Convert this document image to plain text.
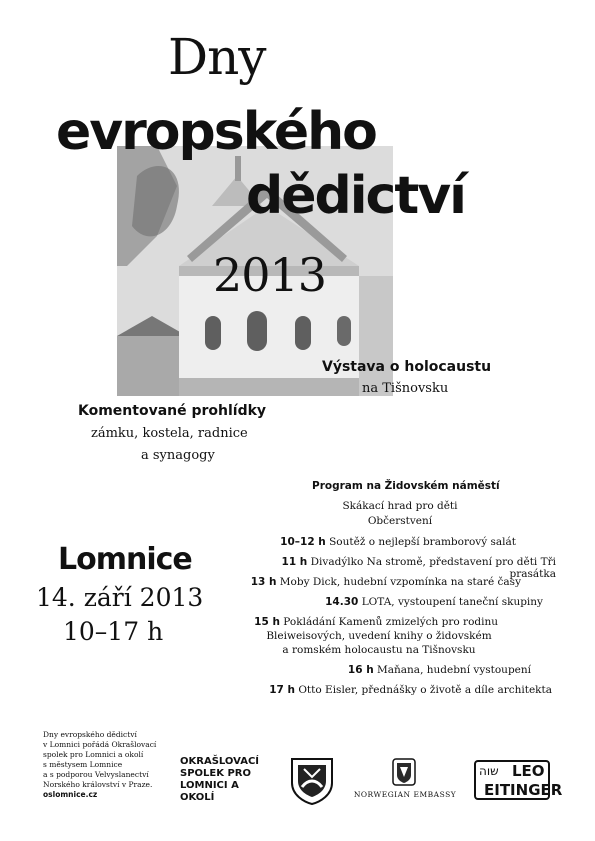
Dny
evropského
dědictví
2013
Výstava o holocaustu
na Tišnovsku
Komentované prohlídky
zámku, kostela, radnice
a synagogy
Program na Židovském náměstí
Skákací hrad pro děti
Občerstvení
10–12 h Soutěž o nejlepší bramborový salát
11 h Divadýlko Na stromě, představení pro děti Tři prasátka
13 h Moby Dick, hudební vzpomínka na staré časy
14.30 LOTA, vystoupení taneční skupiny
15 h Pokládání Kamenů zmizelých pro rodinu
Bleiweisových, uvedení knihy o židovském
a romském holocaustu na Tišnovsku
16 h Maňana, hudební vystoupení
17 h Otto Eisler, přednášky o životě a díle architekta
Lomnice
14. září 2013
10–17 h
Dny evropského dědictví
v Lomnici pořádá Okrašlovací
spolek pro Lomnici a okolí
s městysem Lomnice
a s podporou Velvyslanectví
Norského království v Praze.
oslomnice.cz
OKRAŠLOVACÍ
SPOLEK PRO
LOMNICI A
OKOLÍ	NORWEGIAN EMBASSY
שוה LEO
EITINGER
